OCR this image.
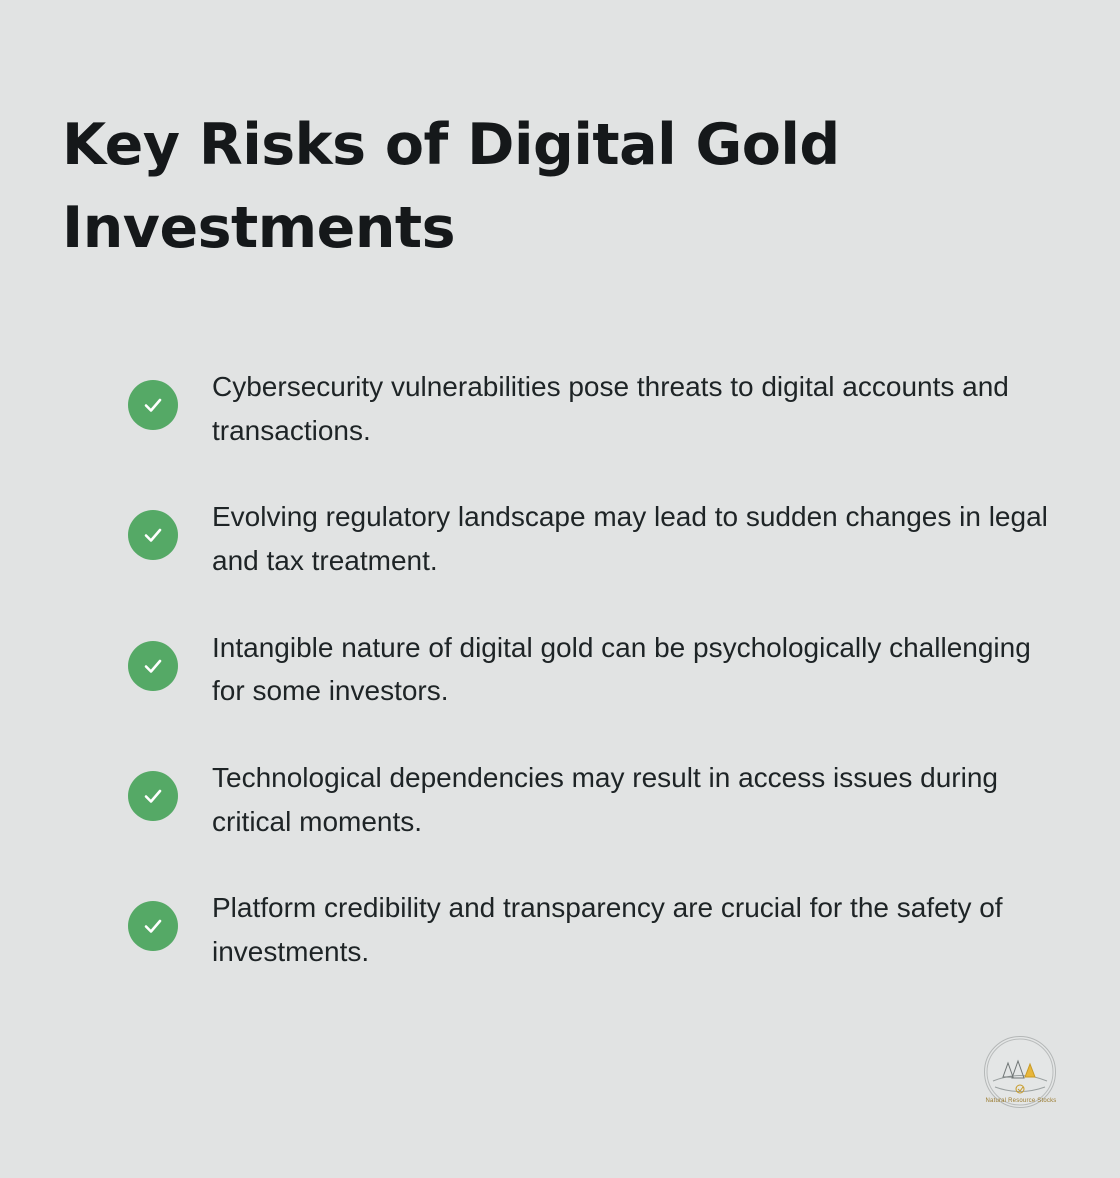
Key Risks of Digital Gold Investments
Cybersecurity vulnerabilities pose threats to digital accounts and transactions.
Evolving regulatory landscape may lead to sudden changes in legal and tax treatment.
Intangible nature of digital gold can be psychologically challenging for some investors.
Technological dependencies may result in access issues during critical moments.
Platform credibility and transparency are crucial for the safety of investments.
Natural Resource Stocks
